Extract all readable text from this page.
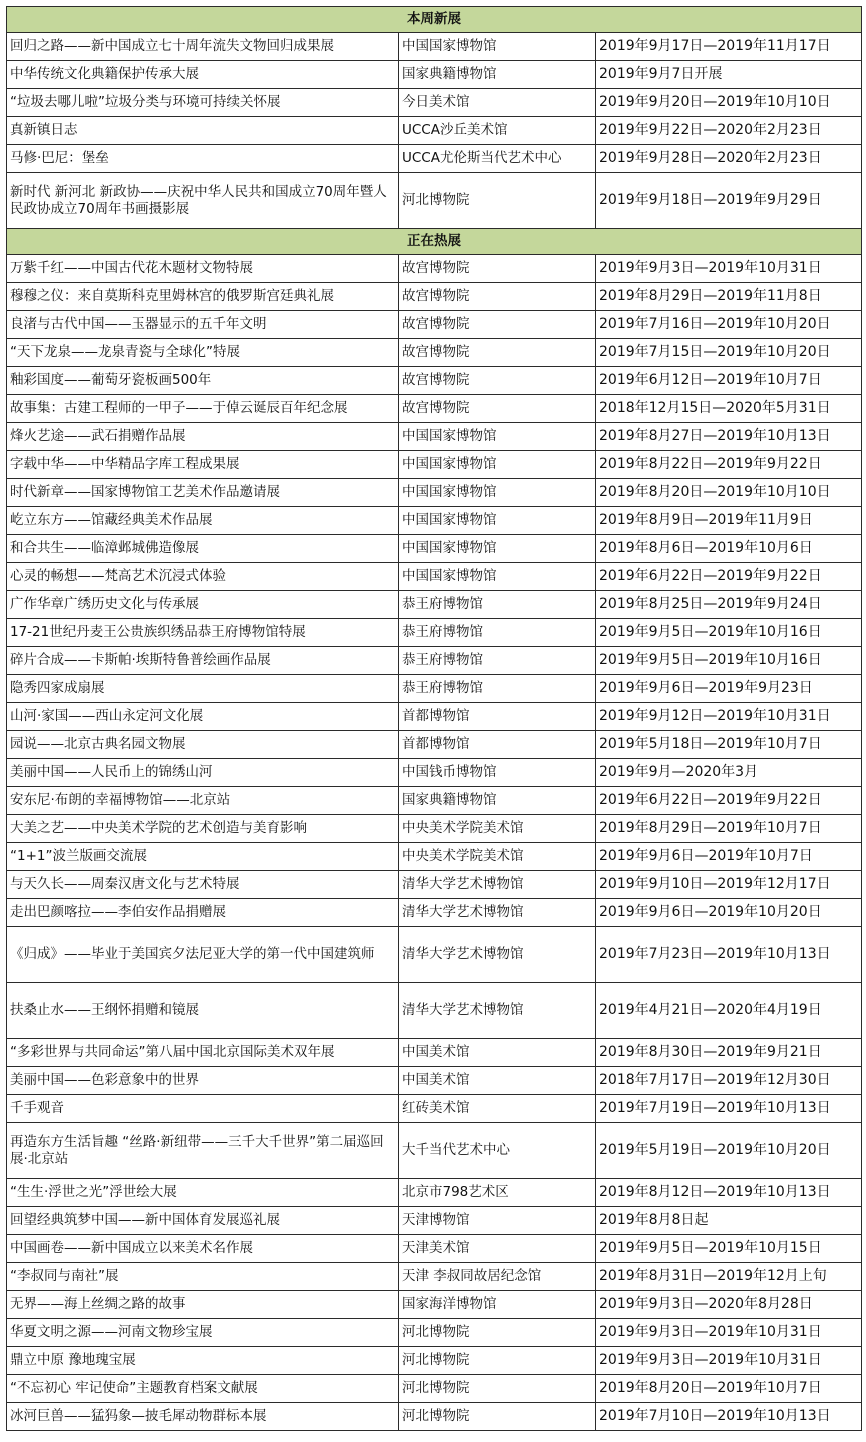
本周新展		
回归之路——新中国成立七十周年流失文物回归成果展	中国国家博物馆	2019年9月17日—2019年11月17日
中华传统文化典籍保护传承大展	国家典籍博物馆	2019年9月7日开展
“垃圾去哪儿啦”垃圾分类与环境可持续关怀展	今日美术馆	2019年9月20日—2019年10月10日
真新镇日志	UCCA沙丘美术馆	2019年9月22日—2020年2月23日
马修·巴尼：堡垒	UCCA尤伦斯当代艺术中心	2019年9月28日—2020年2月23日
新时代 新河北 新政协——庆祝中华人民共和国成立70周年暨人民政协成立70周年书画摄影展	河北博物院	2019年9月18日—2019年9月29日
正在热展		
万紫千红——中国古代花木题材文物特展	故宫博物院	2019年9月3日—2019年10月31日
穆穆之仪：来自莫斯科克里姆林宫的俄罗斯宫廷典礼展	故宫博物院	2019年8月29日—2019年11月8日
良渚与古代中国——玉器显示的五千年文明	故宫博物院	2019年7月16日—2019年10月20日
“天下龙泉——龙泉青瓷与全球化”特展	故宫博物院	2019年7月15日—2019年10月20日
釉彩国度——葡萄牙瓷板画500年	故宫博物院	2019年6月12日—2019年10月7日
故事集：古建工程师的一甲子——于倬云诞辰百年纪念展	故宫博物院	2018年12月15日—2020年5月31日
烽火艺途——武石捐赠作品展	中国国家博物馆	2019年8月27日—2019年10月13日
字载中华——中华精品字库工程成果展	中国国家博物馆	2019年8月22日—2019年9月22日
时代新章——国家博物馆工艺美术作品邀请展	中国国家博物馆	2019年8月20日—2019年10月10日
屹立东方——馆藏经典美术作品展	中国国家博物馆	2019年8月9日—2019年11月9日
和合共生——临漳邺城佛造像展	中国国家博物馆	2019年8月6日—2019年10月6日
心灵的畅想——梵高艺术沉浸式体验	中国国家博物馆	2019年6月22日—2019年9月22日
广作华章广绣历史文化与传承展	恭王府博物馆	2019年8月25日—2019年9月24日
17-21世纪丹麦王公贵族织绣品恭王府博物馆特展	恭王府博物馆	2019年9月5日—2019年10月16日
碎片合成——卡斯帕·埃斯特鲁普绘画作品展	恭王府博物馆	2019年9月5日—2019年10月16日
隐秀四家成扇展	恭王府博物馆	2019年9月6日—2019年9月23日
山河·家国——西山永定河文化展	首都博物馆	2019年9月12日—2019年10月31日
园说——北京古典名园文物展	首都博物馆	2019年5月18日—2019年10月7日
美丽中国——人民币上的锦绣山河	中国钱币博物馆	2019年9月—2020年3月
安东尼·布朗的幸福博物馆——北京站	国家典籍博物馆	2019年6月22日—2019年9月22日
大美之艺——中央美术学院的艺术创造与美育影响	中央美术学院美术馆	2019年8月29日—2019年10月7日
“1+1”波兰版画交流展	中央美术学院美术馆	2019年9月6日—2019年10月7日
与天久长——周秦汉唐文化与艺术特展	清华大学艺术博物馆	2019年9月10日—2019年12月17日
走出巴颜喀拉——李伯安作品捐赠展	清华大学艺术博物馆	2019年9月6日—2019年10月20日
《归成》——毕业于美国宾夕法尼亚大学的第一代中国建筑师	清华大学艺术博物馆	2019年7月23日—2019年10月13日
扶桑止水——王纲怀捐赠和镜展	清华大学艺术博物馆	2019年4月21日—2020年4月19日
“多彩世界与共同命运”第八届中国北京国际美术双年展	中国美术馆	2019年8月30日—2019年9月21日
美丽中国——色彩意象中的世界	中国美术馆	2018年7月17日—2019年12月30日
千手观音	红砖美术馆	2019年7月19日—2019年10月13日
再造东方生活旨趣 “丝路·新纽带——三千大千世界”第二届巡回展·北京站	大千当代艺术中心	2019年5月19日—2019年10月20日
“生生·浮世之光”浮世绘大展	北京市798艺术区	2019年8月12日—2019年10月13日
回望经典筑梦中国——新中国体育发展巡礼展	天津博物馆	2019年8月8日起
中国画卷——新中国成立以来美术名作展	天津美术馆	2019年9月5日—2019年10月15日
“李叔同与南社”展	天津 李叔同故居纪念馆	2019年8月31日—2019年12月上旬
无界——海上丝绸之路的故事	国家海洋博物馆	2019年9月3日—2020年8月28日
华夏文明之源——河南文物珍宝展	河北博物院	2019年9月3日—2019年10月31日
鼎立中原 豫地瑰宝展	河北博物院	2019年9月3日—2019年10月31日
“不忘初心 牢记使命”主题教育档案文献展	河北博物院	2019年8月20日—2019年10月7日
冰河巨兽——猛犸象—披毛犀动物群标本展	河北博物院	2019年7月10日—2019年10月13日
